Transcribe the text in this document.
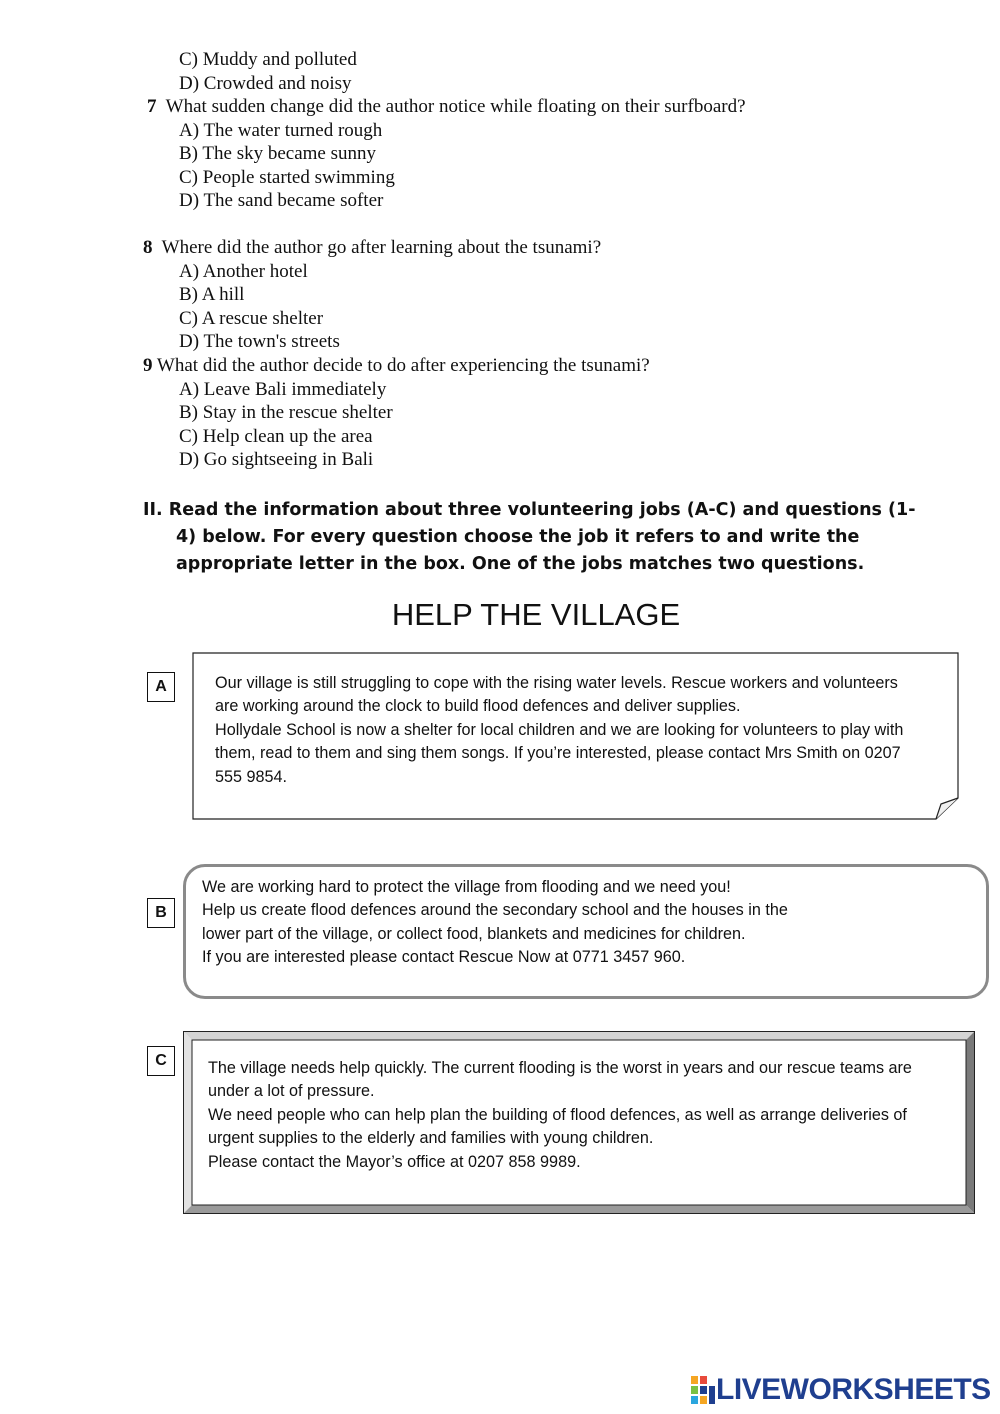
C) Muddy and polluted
D) Crowded and noisy
7 What sudden change did the author notice while floating on their surfboard?
A) The water turned rough
B) The sky became sunny
C) People started swimming
D) The sand became softer
8 Where did the author go after learning about the tsunami?
A) Another hotel
B) A hill
C) A rescue shelter
D) The town's streets
9 What did the author decide to do after experiencing the tsunami?
A) Leave Bali immediately
B) Stay in the rescue shelter
C) Help clean up the area
D) Go sightseeing in Bali
II. Read the information about three volunteering jobs (A-C) and questions (1-
4) below. For every question choose the job it refers to and write the
appropriate letter in the box. One of the jobs matches two questions.
HELP THE VILLAGE
A	Our village is still struggling to cope with the rising water levels. Rescue workers and volunteers
are working around the clock to build flood defences and deliver supplies.
Hollydale School is now a shelter for local children and we are looking for volunteers to play with
them, read to them and sing them songs. If you’re interested, please contact Mrs Smith on 0207
555 9854.
B
We are working hard to protect the village from flooding and we need you!
Help us create flood defences around the secondary school and the houses in the
lower part of the village, or collect food, blankets and medicines for children.
If you are interested please contact Rescue Now at 0771 3457 960.
C	The village needs help quickly. The current flooding is the worst in years and our rescue teams are
under a lot of pressure.
We need people who can help plan the building of flood defences, as well as arrange deliveries of
urgent supplies to the elderly and families with young children.
Please contact the Mayor’s office at 0207 858 9989.
LIVEWORKSHEETS
